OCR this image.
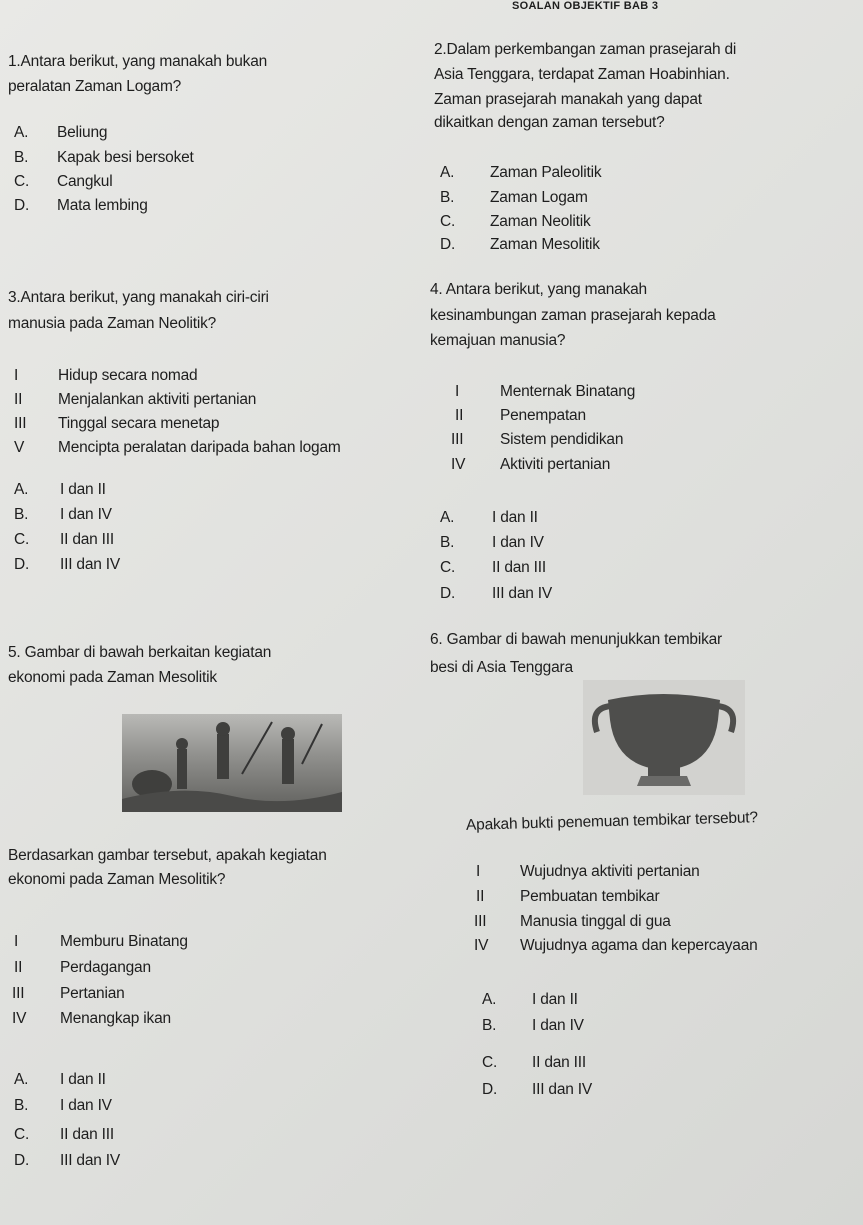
SOALAN OBJEKTIF BAB 3
1.Antara berikut, yang manakah bukan
peralatan Zaman Logam?
A. Beliung
B. Kapak besi bersoket
C. Cangkul
D. Mata lembing
2.Dalam perkembangan zaman prasejarah di
Asia Tenggara, terdapat Zaman Hoabinhian.
Zaman prasejarah manakah yang dapat
dikaitkan dengan zaman tersebut?
A. Zaman Paleolitik
B. Zaman Logam
C. Zaman Neolitik
D. Zaman Mesolitik
3.Antara berikut, yang manakah ciri-ciri
manusia pada Zaman Neolitik?
I	Hidup secara nomad
II Menjalankan aktiviti pertanian
III Tinggal secara menetap
V Mencipta peralatan daripada bahan logam
A. I dan II
B. I dan IV
C. II dan III
D. III dan IV
4. Antara berikut, yang manakah
kesinambungan zaman prasejarah kepada
kemajuan manusia?
I	Menternak Binatang
II Penempatan
III Sistem pendidikan
IV Aktiviti pertanian
A. I dan II
B. I dan IV
C. II dan III
D. III dan IV
5. Gambar di bawah berkaitan kegiatan
ekonomi pada Zaman Mesolitik
Berdasarkan gambar tersebut, apakah kegiatan
ekonomi pada Zaman Mesolitik?
I	Memburu Binatang
II Perdagangan
III Pertanian
IV Menangkap ikan
A. I dan II
B. I dan IV
C. II dan III
D. III dan IV
6. Gambar di bawah menunjukkan tembikar
besi di Asia Tenggara
Apakah bukti penemuan tembikar tersebut?
I	Wujudnya aktiviti pertanian
II Pembuatan tembikar
III Manusia tinggal di gua
IV Wujudnya agama dan kepercayaan
A. I dan II
B. I dan IV
C. II dan III
D. III dan IV
